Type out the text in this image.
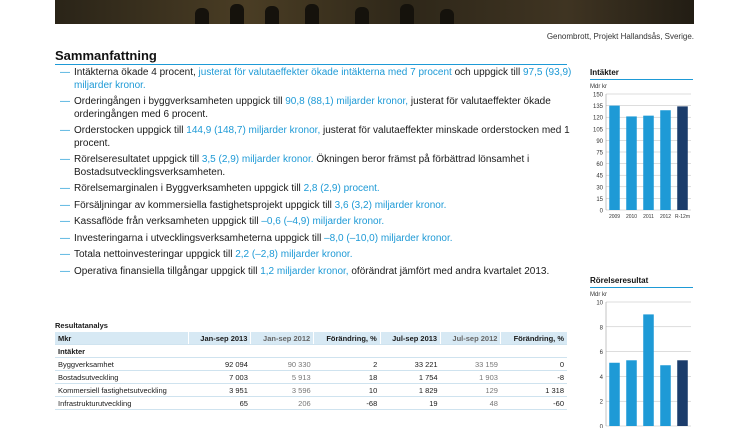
Genombrott, Projekt Hallandsås, Sverige.
Sammanfattning
— Intäkterna ökade 4 procent, justerat för valutaeffekter ökade intäkterna med 7 procent och uppgick till 97,5 (93,9) miljarder kronor.
— Orderingången i byggverksamheten uppgick till 90,8 (88,1) miljarder kronor, justerat för valutaeffekter ökade orderingången med 6 procent.
— Orderstocken uppgick till 144,9 (148,7) miljarder kronor, justerat för valutaeffekter minskade orderstocken med 1 procent.
— Rörelseresultatet uppgick till 3,5 (2,9) miljarder kronor. Ökningen beror främst på förbättrad lönsamhet i Bostadsutvecklingsverksamheten.
— Rörelsemarginalen i Byggverksamheten uppgick till 2,8 (2,9) procent.
— Försäljningar av kommersiella fastighetsprojekt uppgick till 3,6 (3,2) miljarder kronor.
— Kassaflöde från verksamheten uppgick till –0,6 (–4,9) miljarder kronor.
— Investeringarna i utvecklingsverksamheterna uppgick till –8,0 (–10,0) miljarder kronor.
— Totala nettoinvesteringar uppgick till 2,2 (–2,8) miljarder kronor.
— Operativa finansiella tillgångar uppgick till 1,2 miljarder kronor, oförändrat jämfört med andra kvartalet 2013.
Resultatanalys
Mkr	Jan-sep 2013	Jan-sep 2012	Förändring, %	Jul-sep 2013	Jul-sep 2012	Förändring, %
Intäkter						
Byggverksamhet	92 094	90 330	2	33 221	33 159	0
Bostadsutveckling	7 003	5 913	18	1 754	1 903	-8
Kommersiell fastighetsutveckling	3 951	3 596	10	1 829	129	1 318
Infrastrukturutveckling	65	206	-68	19	48	-60
Intäkter
Mdr kr
0
15
30
45
60
75
90
105
120
135
150
2009 2010 2011 2012 R-12m
Rörelseresultat
Mdr kr
0
2
4
6
8
10
